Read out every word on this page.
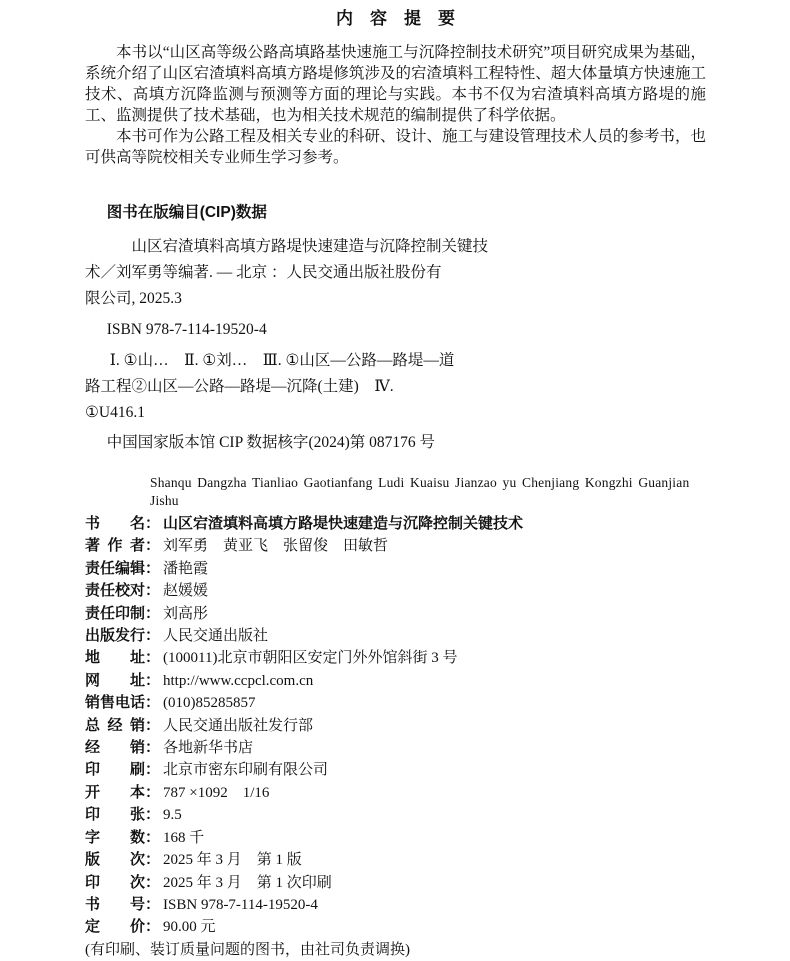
内　容　提　要

本书以“山区高等级公路高填路基快速施工与沉降控制技术研究”项目研究成果为基础，系统介绍了山区宕渣填料高填方路堤修筑涉及的宕渣填料工程特性、超大体量填方快速施工技术、高填方沉降监测与预测等方面的理论与实践。本书不仅为宕渣填料高填方路堤的施工、监测提供了技术基础，也为相关技术规范的编制提供了科学依据。

本书可作为公路工程及相关专业的科研、设计、施工与建设管理技术人员的参考书，也可供高等院校相关专业师生学习参考。

图书在版编目(CIP)数据

山区宕渣填料高填方路堤快速建造与沉降控制关键技

术／刘军勇等编著. — 北京 ：人民交通出版社股份有

限公司, 2025.3

ISBN 978-7-114-19520-4

Ⅰ. ①山…　Ⅱ. ①刘…　Ⅲ. ①山区—公路—路堤—道

路工程②山区—公路—路堤—沉降(土建)　Ⅳ.

①U416.1

中国国家版本馆 CIP 数据核字(2024)第 087176 号

Shanqu Dangzha Tianliao Gaotianfang Ludi Kuaisu Jianzao yu Chenjiang Kongzhi Guanjian Jishu
书名： 山区宕渣填料高填方路堤快速建造与沉降控制关键技术
著作者： 刘军勇　黄亚飞　张留俊　田敏哲
责任编辑： 潘艳霞
责任校对： 赵媛媛
责任印制： 刘高彤
出版发行： 人民交通出版社
地址： (100011)北京市朝阳区安定门外外馆斜街 3 号
网址： http://www.ccpcl.com.cn
销售电话： (010)85285857
总经销： 人民交通出版社发行部
经销： 各地新华书店
印刷： 北京市密东印刷有限公司
开本： 787 ×1092　1/16
印张： 9.5
字数： 168 千
版次： 2025 年 3 月　第 1 版
印次： 2025 年 3 月　第 1 次印刷
书号： ISBN 978-7-114-19520-4
定价： 90.00 元

(有印刷、装订质量问题的图书，由社司负责调换)
